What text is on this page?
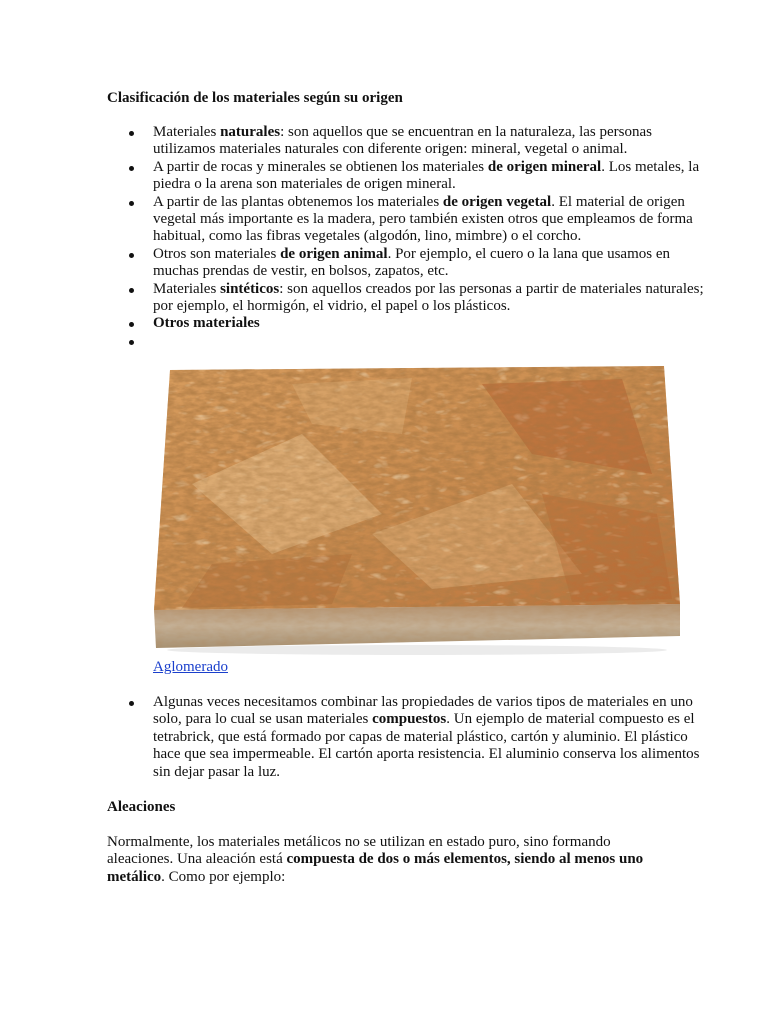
Clasificación de los materiales según su origen

Materiales naturales: son aquellos que se encuentran en la naturaleza, las personas utilizamos materiales naturales con diferente origen: mineral, vegetal o animal.
A partir de rocas y minerales se obtienen los materiales de origen mineral. Los metales, la piedra o la arena son materiales de origen mineral.
A partir de las plantas obtenemos los materiales de origen vegetal. El material de origen vegetal más importante es la madera, pero también existen otros que empleamos de forma habitual, como las fibras vegetales (algodón, lino, mimbre) o el corcho.
Otros son materiales de origen animal. Por ejemplo, el cuero o la lana que usamos en muchas prendas de vestir, en bolsos, zapatos, etc.
Materiales sintéticos: son aquellos creados por las personas a partir de materiales naturales; por ejemplo, el hormigón, el vidrio, el papel o los plásticos.
Otros materiales

Aglomerado
Algunas veces necesitamos combinar las propiedades de varios tipos de materiales en uno solo, para lo cual se usan materiales compuestos. Un ejemplo de material compuesto es el tetrabrick, que está formado por capas de material plástico, cartón y aluminio. El plástico hace que sea impermeable. El cartón aporta resistencia. El aluminio conserva los alimentos sin dejar pasar la luz.

Aleaciones

Normalmente, los materiales metálicos no se utilizan en estado puro, sino formando aleaciones. Una aleación está compuesta de dos o más elementos, siendo al menos uno metálico. Como por ejemplo:
